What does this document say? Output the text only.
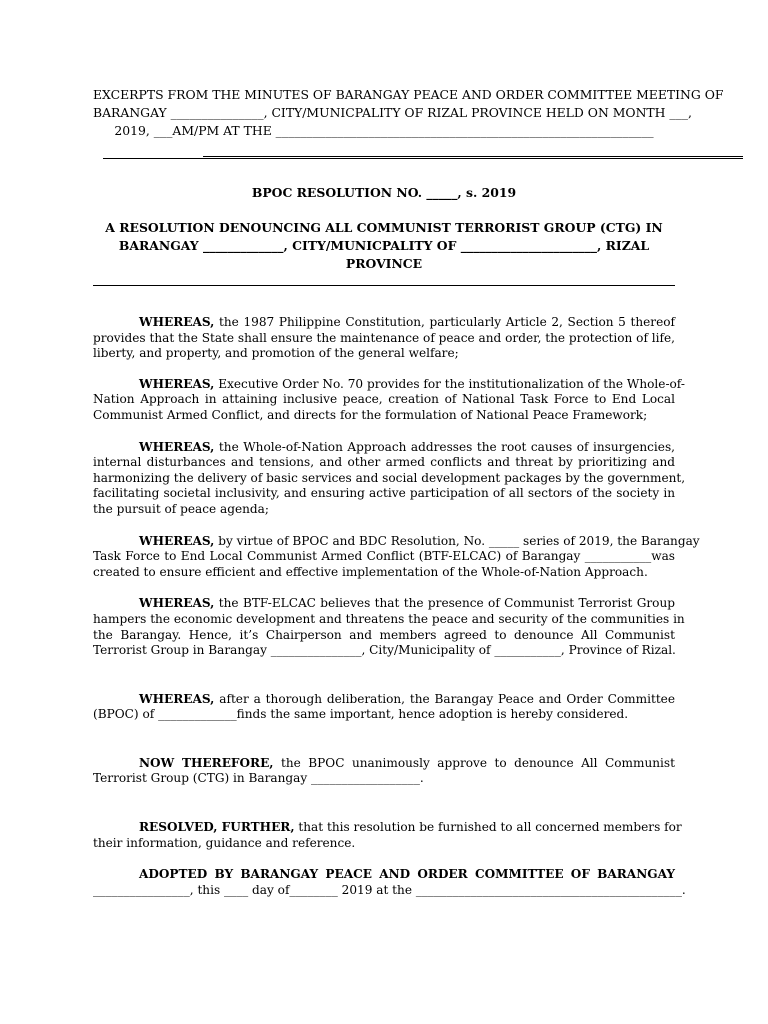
EXCERPTS FROM THE MINUTES OF BARANGAY PEACE AND ORDER COMMITTEE MEETING OF
BARANGAY _______________, CITY/MUNICPALITY OF RIZAL PROVINCE HELD ON MONTH ___,
2019, ___AM/PM AT THE _____________________________________________________________
BPOC RESOLUTION NO. _____, s. 2019
A RESOLUTION DENOUNCING ALL COMMUNIST TERRORIST GROUP (CTG) IN
BARANGAY _____________, CITY/MUNICPALITY OF ______________________, RIZAL
PROVINCE
WHEREAS, the 1987 Philippine Constitution, particularly Article 2, Section 5 thereof
provides that the State shall ensure the maintenance of peace and order, the protection of life,
liberty, and property, and promotion of the general welfare;
WHEREAS, Executive Order No. 70 provides for the institutionalization of the Whole-of-
Nation Approach in attaining inclusive peace, creation of National Task Force to End Local
Communist Armed Conflict, and directs for the formulation of National Peace Framework;
WHEREAS, the Whole-of-Nation Approach addresses the root causes of insurgencies,
internal disturbances and tensions, and other armed conflicts and threat by prioritizing and
harmonizing the delivery of basic services and social development packages by the government,
facilitating societal inclusivity, and ensuring active participation of all sectors of the society in
the pursuit of peace agenda;
WHEREAS, by virtue of BPOC and BDC Resolution, No. _____ series of 2019, the Barangay
Task Force to End Local Communist Armed Conflict (BTF-ELCAC) of Barangay ___________was
created to ensure efficient and effective implementation of the Whole-of-Nation Approach.
WHEREAS, the BTF-ELCAC believes that the presence of Communist Terrorist Group
hampers the economic development and threatens the peace and security of the communities in
the Barangay. Hence, it’s Chairperson and members agreed to denounce All Communist
Terrorist Group in Barangay _______________, City/Municipality of ___________, Province of Rizal.
WHEREAS, after a thorough deliberation, the Barangay Peace and Order Committee
(BPOC) of _____________finds the same important, hence adoption is hereby considered.
NOW THEREFORE, the BPOC unanimously approve to denounce All Communist
Terrorist Group (CTG) in Barangay __________________.
RESOLVED, FURTHER, that this resolution be furnished to all concerned members for
their information, guidance and reference.
ADOPTED BY BARANGAY PEACE AND ORDER COMMITTEE OF BARANGAY
________________, this ____ day of________ 2019 at the ____________________________________________.
